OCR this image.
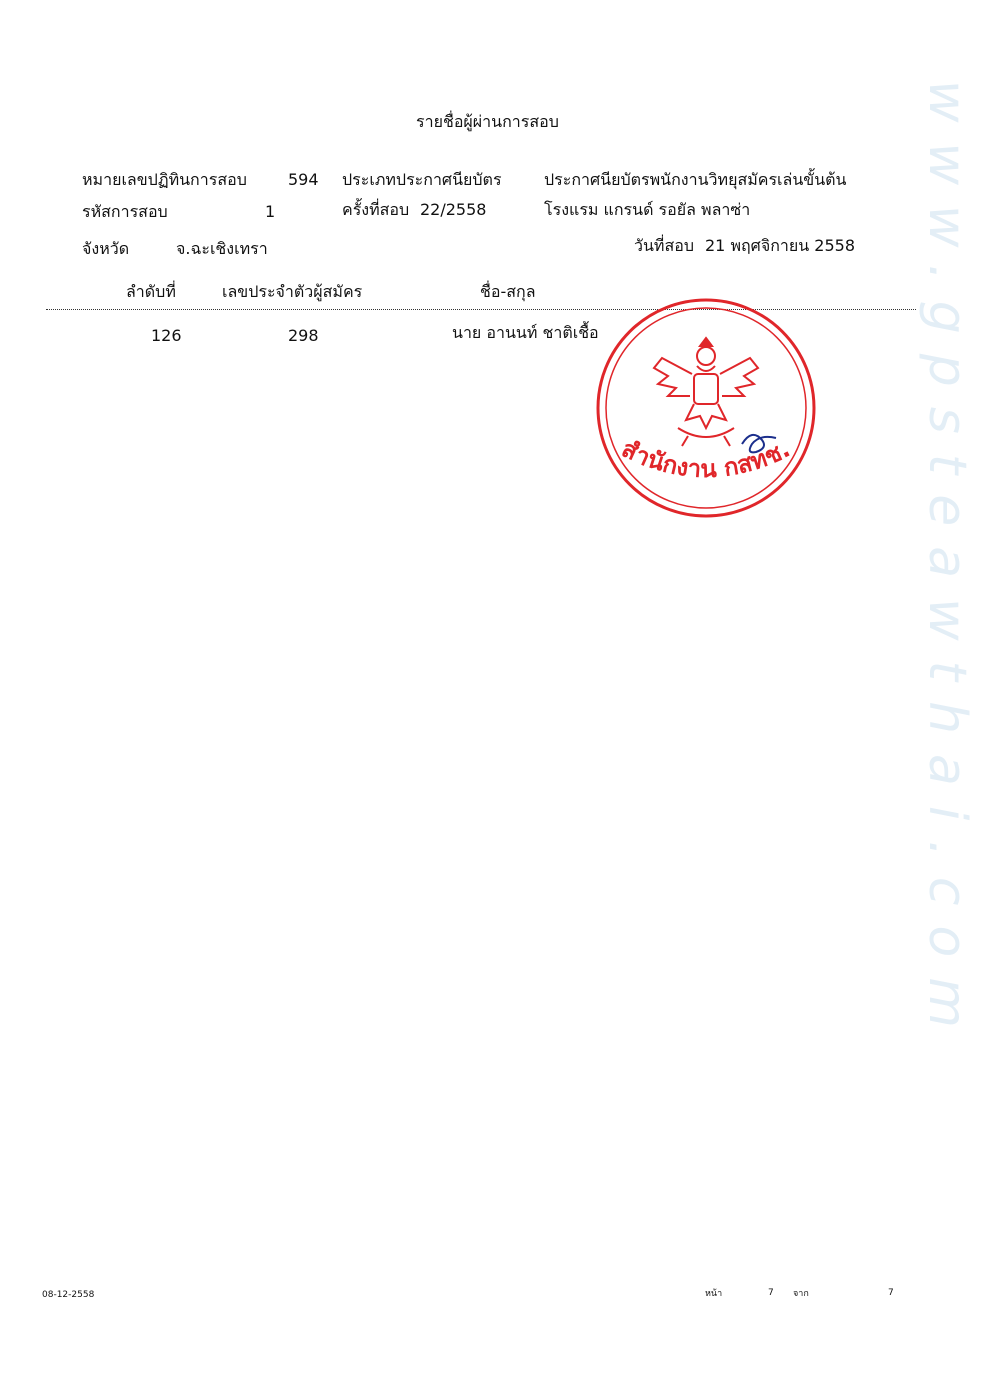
www.gpsteawthai.com
รายชื่อผู้ผ่านการสอบ
หมายเลขปฏิทินการสอบ	594 ประเภทประกาศนียบัตร	ประกาศนียบัตรพนักงานวิทยุสมัครเล่นขั้นต้น
รหัสการสอบ	1	ครั้งที่สอบ 22/2558	โรงแรม แกรนด์ รอยัล พลาซ่า
จังหวัด	จ.ฉะเชิงเทรา	วันที่สอบ 21 พฤศจิกายน 2558
ลำดับที่	เลขประจำตัวผู้สมัคร	ชื่อ-สกุล
126	298	นาย อานนท์ ชาติเชื้อ
สำนักงาน กสทช.
08-12-2558	หน้า	7 จาก	7
